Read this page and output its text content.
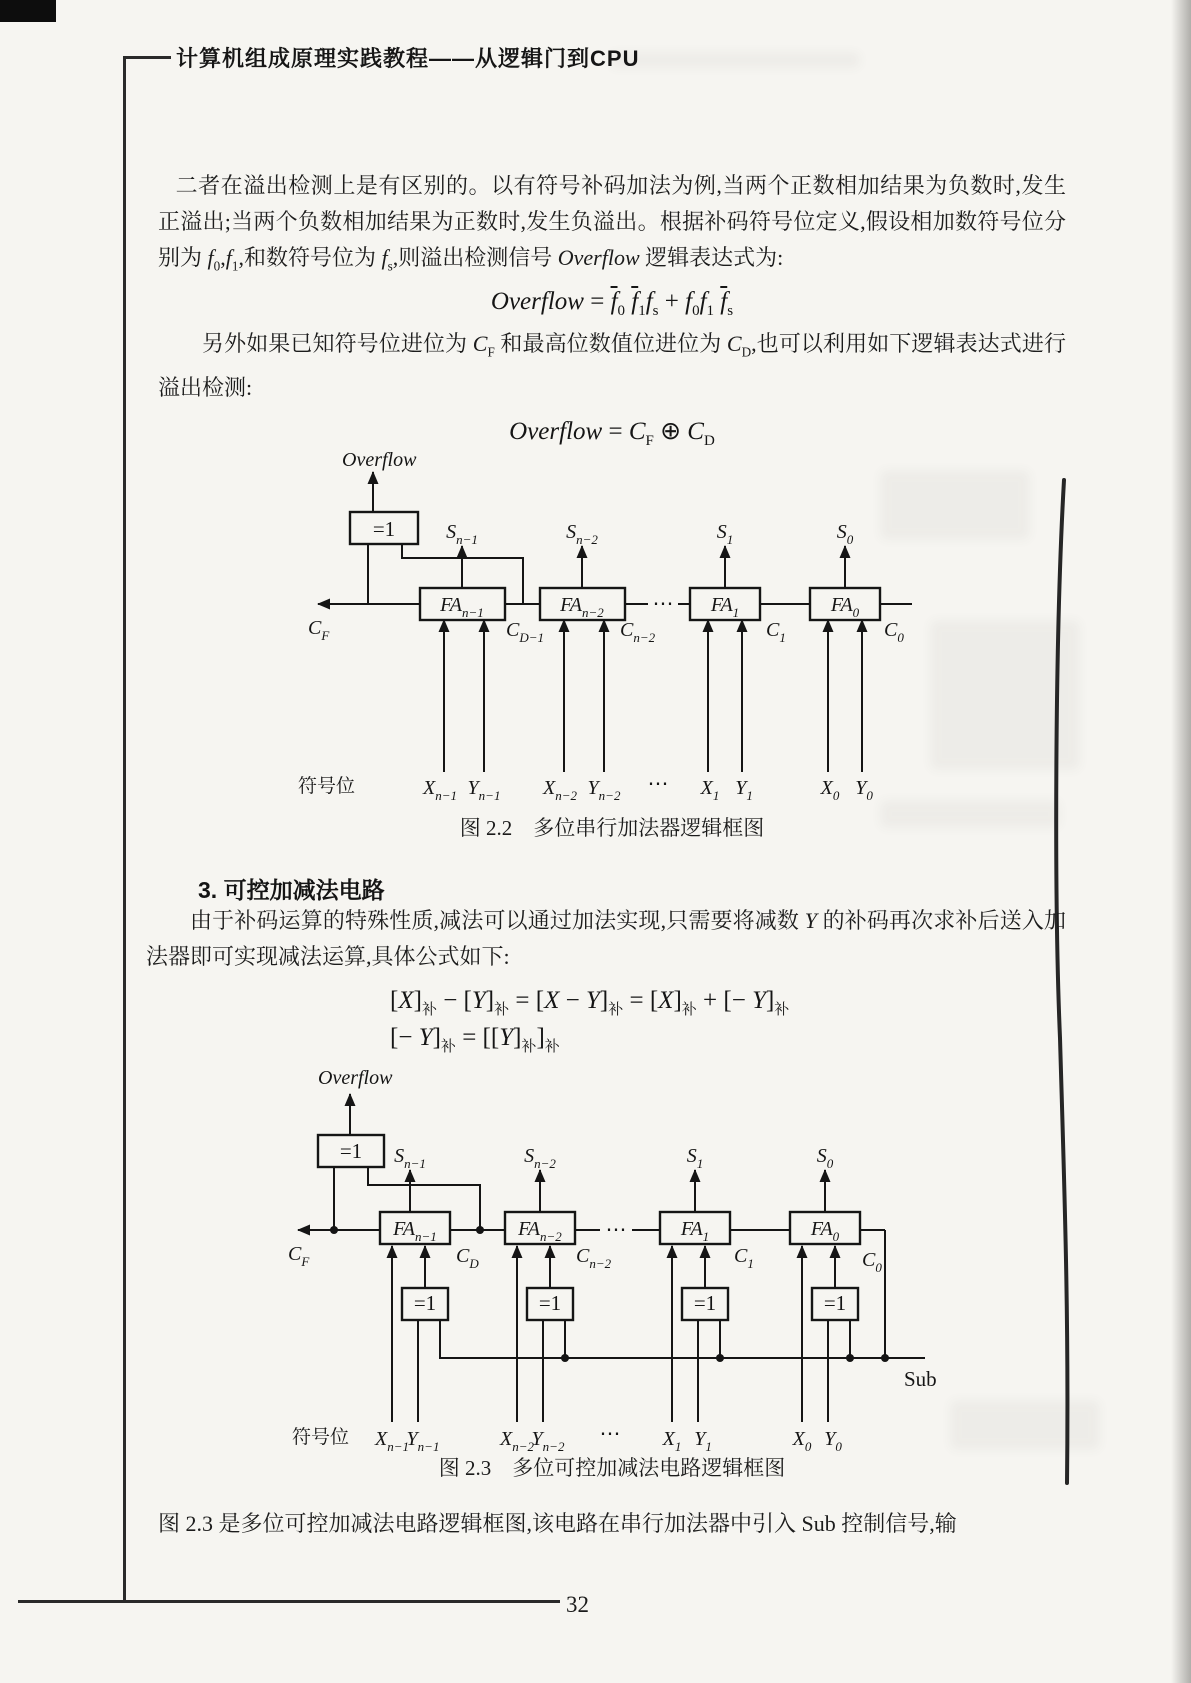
计算机组成原理实践教程——从逻辑门到CPU
二者在溢出检测上是有区别的。以有符号补码加法为例,当两个正数相加结果为负数时,发生正溢出;当两个负数相加结果为正数时,发生负溢出。根据补码符号位定义,假设相加数符号位分别为 $f_0,f_1$,和数符号位为 $f_s$,则溢出检测信号 Overflow 逻辑表达式为:
Overflow = $\overline{f}_0$ $\overline{f}_1f_s + f_0f_1$ $\overline{f}_s$
另外如果已知符号位进位为 $C_F$ 和最高位数值位进位为 $C_D$,也可以利用如下逻辑表达式进行溢出检测:
Overflow = $C_F$ ⊕ $C_D$
Overflow
=1	$S_{n-1}$	$S_{n-2}$	$S_1$	$S_0$
$FA_{n-1}$	$FA_{n-2}$	$FA_1$	$FA_0$
⋯
$C_F$	$C_{D-1}$	$C_{n-2}$	$C_1$	$C_0$
符号位	$X_{n-1}$ $Y_{n-1}$ $X_{n-2}$ $Y_{n-2}$
⋯ $X_1$ $Y_1$	$X_0$ $Y_0$
图 2.2　多位串行加法器逻辑框图
3. 可控加减法电路
由于补码运算的特殊性质,减法可以通过加法实现,只需要将减数 Y 的补码再次求补后送入加法器即可实现减法运算,具体公式如下:
$[X]_补 - [Y]_补 = [X - Y]_补 = [X]_补$ + [− $Y]_补$
[− $Y]_补 = [[Y]_补]_补$
Overflow
=1 $S_{n-1}$	$S_{n-2}$	$S_1$	$S_0$
$FA_{n-1}$	$FA_{n-2}$	$FA_1$	$FA_0$
⋯
=1	=1	=1	=1
$C_F$	$C_D$	$C_{n-2}$	$C_1$	$C_0$
Sub
符号位 $X_{n-1}$
$Y_{n-1}$	$X_{n-2}$
$Y_{n-2}$
⋯ $X_1$ $Y_1$	$X_0$ $Y_0$
图 2.3　多位可控加减法电路逻辑框图
图 2.3 是多位可控加减法电路逻辑框图,该电路在串行加法器中引入 Sub 控制信号,输
32
